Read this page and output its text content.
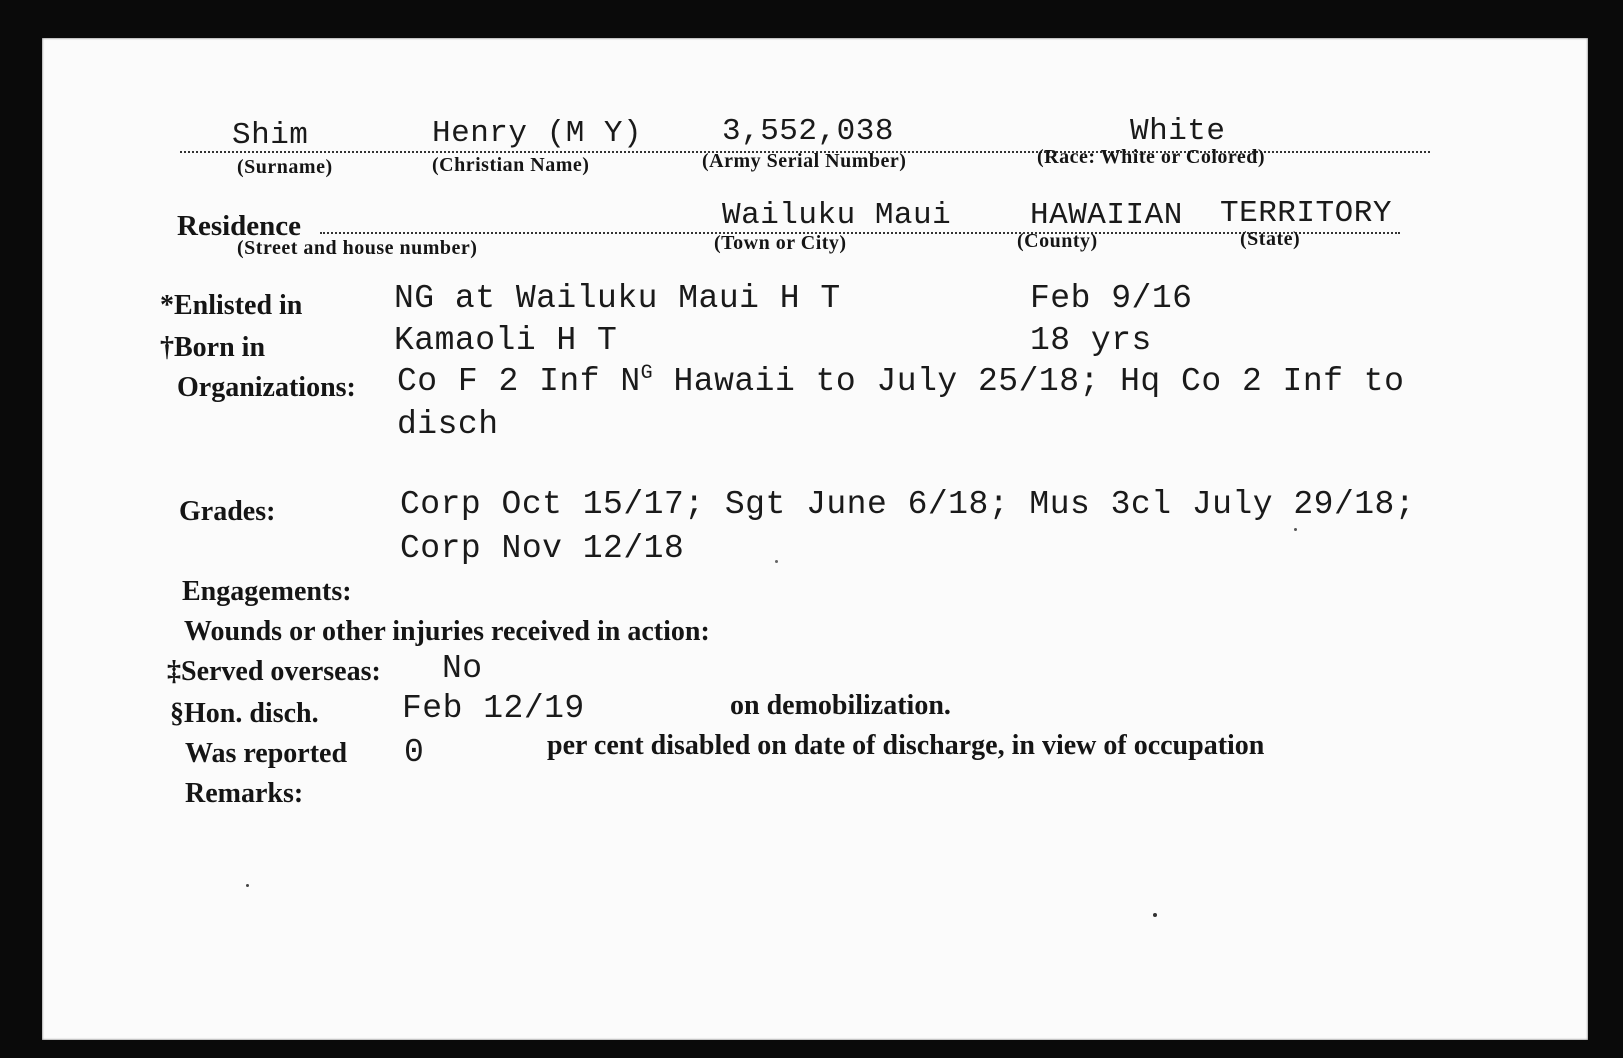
Shim
(Surname)
Henry (M Y)
(Christian Name)
3,552,038
(Army Serial Number)
White
(Race: White or Colored)
Residence
(Street and house number)
Wailuku Maui
(Town or City)
HAWAIIAN
(County)
TERRITORY
(State)
*Enlisted in	NG at Wailuku Maui H T	Feb 9/16
†Born in	Kamaoli H T	18 yrs
Organizations: Co F 2 Inf $N^G$ Hawaii to July 25/18; Hq Co 2 Inf to
disch
Grades:	Corp Oct 15/17; Sgt June 6/18; Mus 3cl July 29/18;
Corp Nov 12/18
Engagements:
Wounds or other injuries received in action:
‡Served overseas: No
§Hon. disch.	Feb 12/19	on demobilization.
Was reported 0	per cent disabled on date of discharge, in view of occupation
Remarks:
